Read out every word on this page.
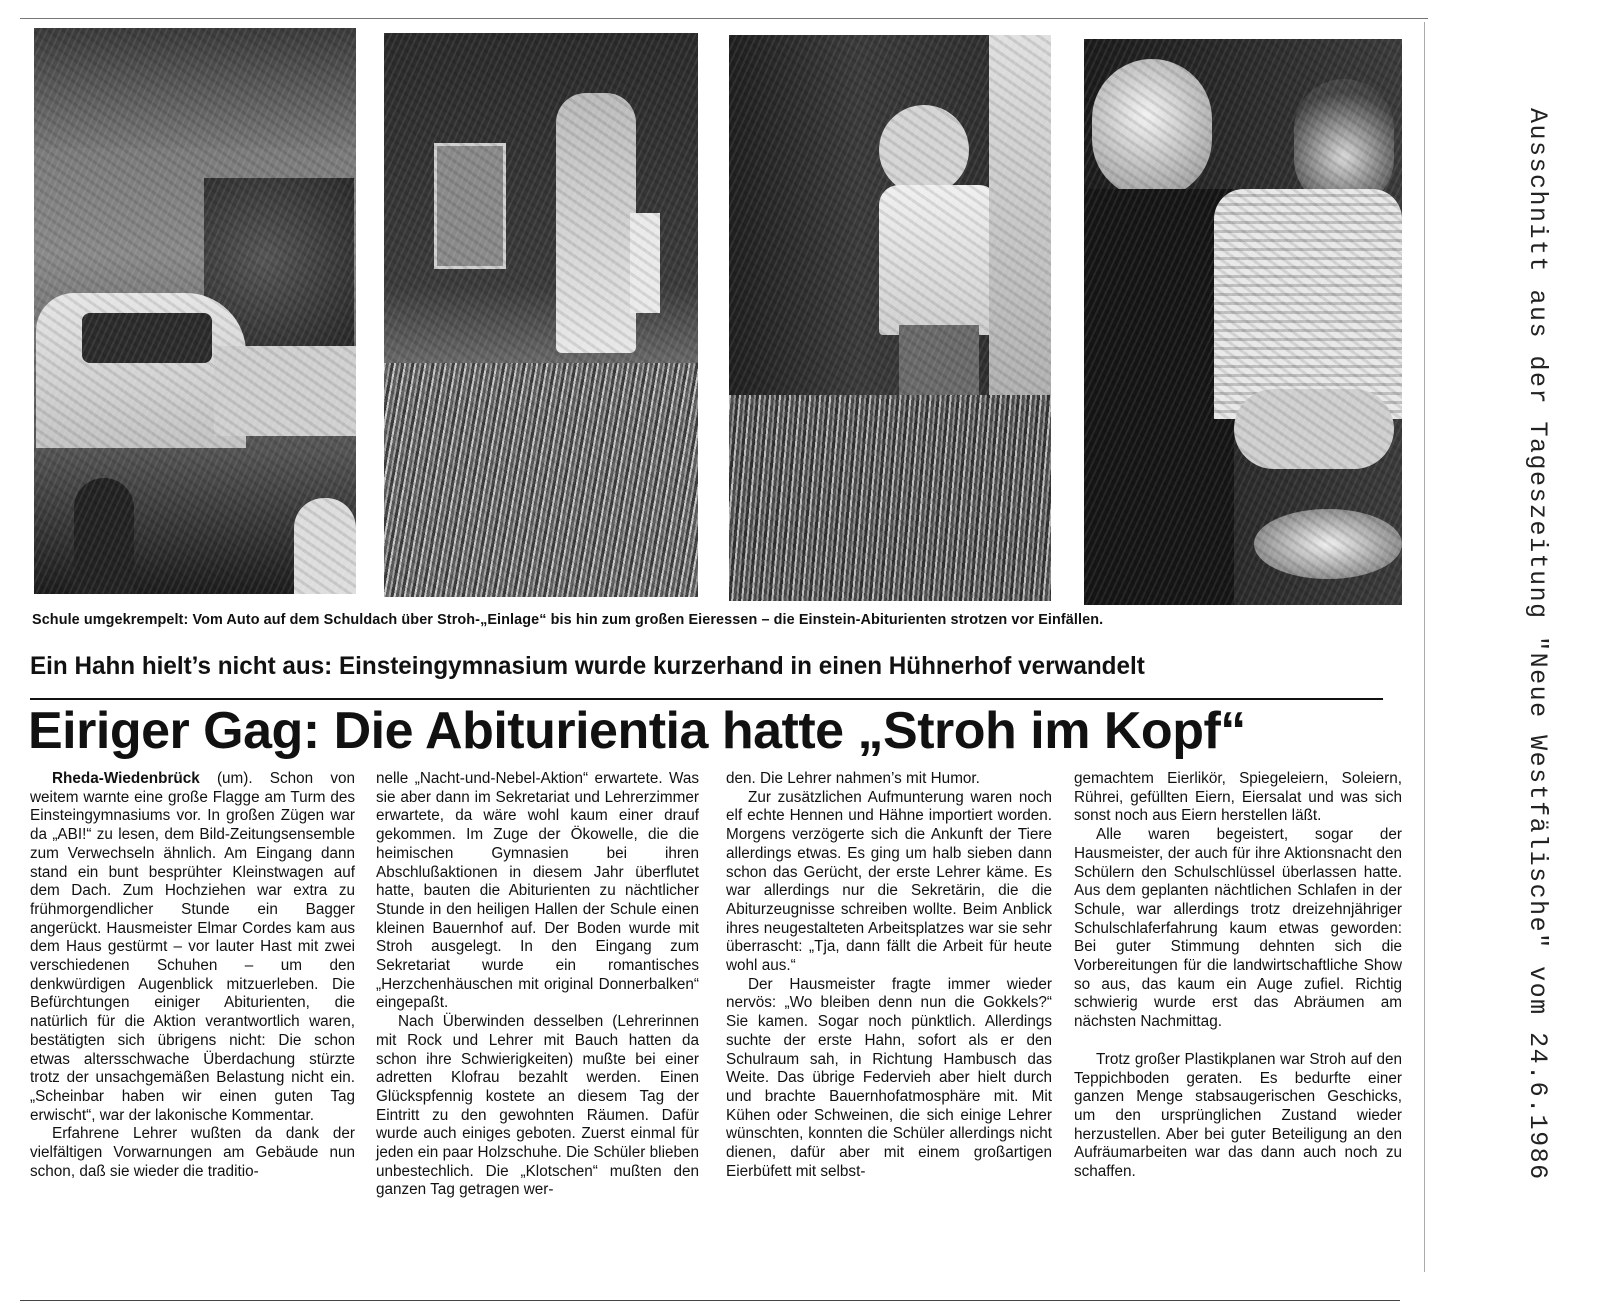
Schule umgekrempelt: Vom Auto auf dem Schuldach über Stroh-„Einlage“ bis hin zum großen Eieressen – die Einstein-Abiturienten strotzen vor Einfällen.
Ein Hahn hielt’s nicht aus: Einsteingymnasium wurde kurzerhand in einen Hühnerhof verwandelt
Eiriger Gag: Die Abiturientia hatte „Stroh im Kopf“

Rheda-Wiedenbrück (um). Schon von weitem warnte eine große Flagge am Turm des Einsteingymnasiums vor. In großen Zügen war da „ABI!“ zu lesen, dem Bild-Zeitungsensemble zum Verwechseln ähnlich. Am Eingang dann stand ein bunt besprühter Kleinstwagen auf dem Dach. Zum Hochziehen war extra zu frühmorgendlicher Stunde ein Bagger angerückt. Hausmeister Elmar Cordes kam aus dem Haus gestürmt – vor lauter Hast mit zwei verschiedenen Schuhen – um den denkwürdigen Augenblick mitzuerleben. Die Befürchtungen einiger Abiturienten, die natürlich für die Aktion verantwortlich waren, bestätigten sich übrigens nicht: Die schon etwas altersschwache Überdachung stürzte trotz der unsachgemäßen Belastung nicht ein. „Scheinbar haben wir einen guten Tag erwischt“, war der lakonische Kommentar.

Erfahrene Lehrer wußten da dank der vielfältigen Vorwarnungen am Gebäude nun schon, daß sie wieder die traditio-

nelle „Nacht-und-Nebel-Aktion“ erwartete. Was sie aber dann im Sekretariat und Lehrerzimmer erwartete, da wäre wohl kaum einer drauf gekommen. Im Zuge der Ökowelle, die die heimischen Gymnasien bei ihren Abschlußaktionen in diesem Jahr überflutet hatte, bauten die Abiturienten zu nächtlicher Stunde in den heiligen Hallen der Schule einen kleinen Bauernhof auf. Der Boden wurde mit Stroh ausgelegt. In den Eingang zum Sekretariat wurde ein romantisches „Herzchenhäuschen mit original Donnerbalken“ eingepaßt.

Nach Überwinden desselben (Lehrerinnen mit Rock und Lehrer mit Bauch hatten da schon ihre Schwierigkeiten) mußte bei einer adretten Klofrau bezahlt werden. Einen Glückspfennig kostete an diesem Tag der Eintritt zu den gewohnten Räumen. Dafür wurde auch einiges geboten. Zuerst einmal für jeden ein paar Holzschuhe. Die Schüler blieben unbestechlich. Die „Klotschen“ mußten den ganzen Tag getragen wer-

den. Die Lehrer nahmen’s mit Humor.

Zur zusätzlichen Aufmunterung waren noch elf echte Hennen und Hähne importiert worden. Morgens verzögerte sich die Ankunft der Tiere allerdings etwas. Es ging um halb sieben dann schon das Gerücht, der erste Lehrer käme. Es war allerdings nur die Sekretärin, die die Abiturzeugnisse schreiben wollte. Beim Anblick ihres neugestalteten Arbeitsplatzes war sie sehr überrascht: „Tja, dann fällt die Arbeit für heute wohl aus.“

Der Hausmeister fragte immer wieder nervös: „Wo bleiben denn nun die Gokkels?“ Sie kamen. Sogar noch pünktlich. Allerdings suchte der erste Hahn, sofort als er den Schulraum sah, in Richtung Hambusch das Weite. Das übrige Federvieh aber hielt durch und brachte Bauernhofatmosphäre mit. Mit Kühen oder Schweinen, die sich einige Lehrer wünschten, konnten die Schüler allerdings nicht dienen, dafür aber mit einem großartigen Eierbüfett mit selbst-

gemachtem Eierlikör, Spiegeleiern, Soleiern, Rührei, gefüllten Eiern, Eiersalat und was sich sonst noch aus Eiern herstellen läßt.

Alle waren begeistert, sogar der Hausmeister, der auch für ihre Aktionsnacht den Schülern den Schulschlüssel überlassen hatte. Aus dem geplanten nächtlichen Schlafen in der Schule, war allerdings trotz dreizehnjähriger Schulschlaferfahrung kaum etwas geworden: Bei guter Stimmung dehnten sich die Vorbereitungen für die landwirtschaftliche Show so aus, das kaum ein Auge zufiel. Richtig schwierig wurde erst das Abräumen am nächsten Nachmittag.

Trotz großer Plastikplanen war Stroh auf den Teppichboden geraten. Es bedurfte einer ganzen Menge stabsaugerischen Geschicks, um den ursprünglichen Zustand wieder herzustellen. Aber bei guter Beteiligung an den Aufräumarbeiten war das dann auch noch zu schaffen.	Ausschnitt aus der Tageszeitung "Neue Westfälische" vom 24.6.1986
